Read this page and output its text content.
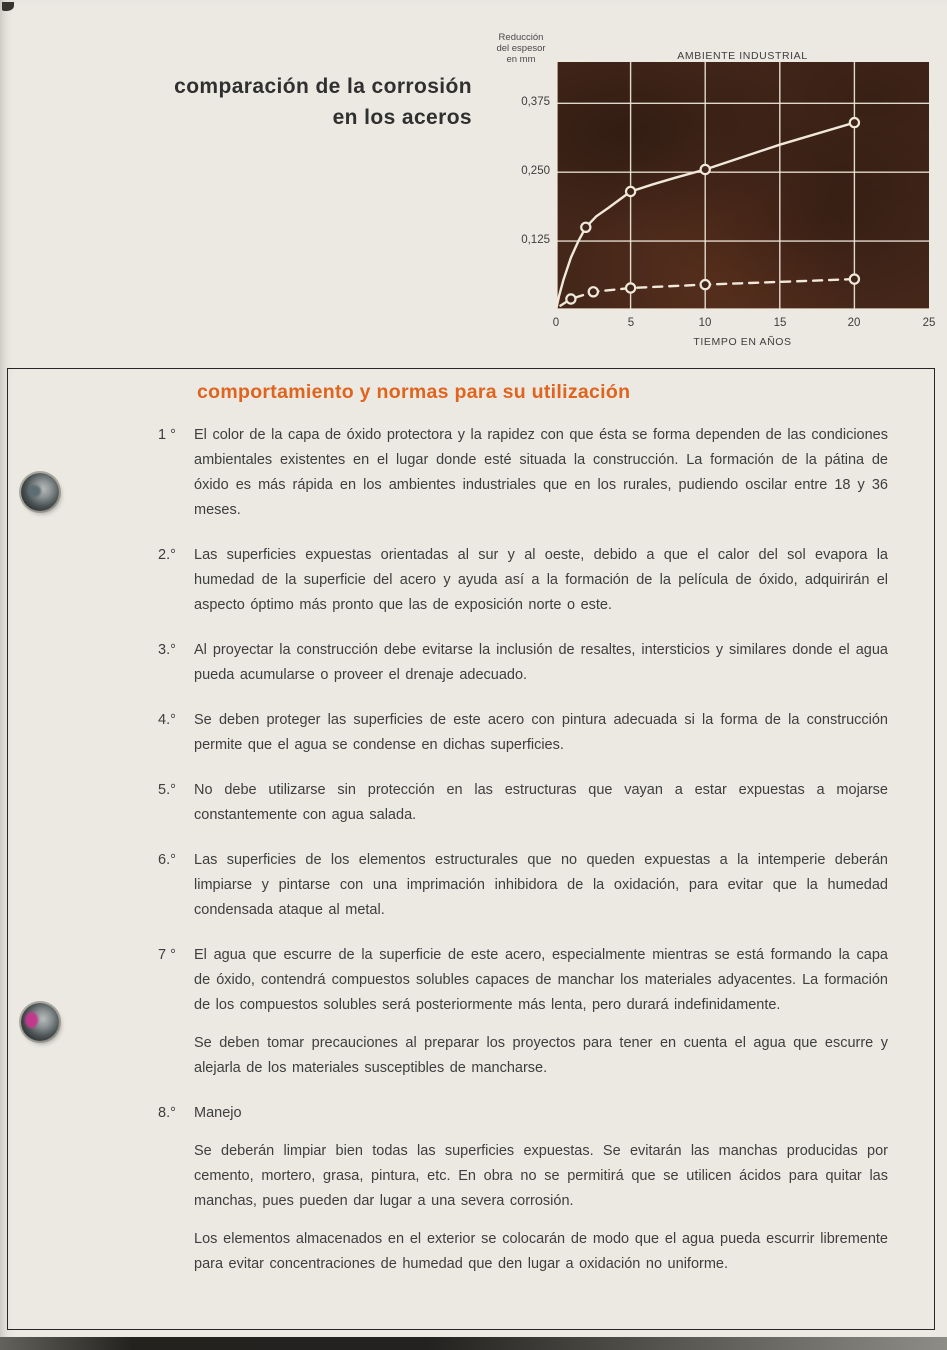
comparación de la corrosión
en los aceros
Reducción
del espesor
en mm	AMBIENTE INDUSTRIAL
0,375
0,250
0,125
0	5	10	15	20	25
TIEMPO EN AÑOS
comportamiento y normas para su utilización
1 °	El color de la capa de óxido protectora y la rapidez con que ésta se forma dependen de las condiciones ambientales existentes en el lugar donde esté situada la construcción. La formación de la pátina de óxido es más rápida en los ambientes industriales que en los rurales, pudiendo oscilar entre 18 y 36 meses.

2.°	Las superficies expuestas orientadas al sur y al oeste, debido a que el calor del sol evapora la humedad de la superficie del acero y ayuda así a la formación de la película de óxido, adquirirán el aspecto óptimo más pronto que las de exposición norte o este.

3.°	Al proyectar la construcción debe evitarse la inclusión de resaltes, intersticios y similares donde el agua pueda acumularse o proveer el drenaje adecuado.

4.°	Se deben proteger las superficies de este acero con pintura adecuada si la forma de la construcción permite que el agua se condense en dichas superficies.

5.°	No debe utilizarse sin protección en las estructuras que vayan a estar expuestas a mojarse constantemente con agua salada.

6.°	Las superficies de los elementos estructurales que no queden expuestas a la intemperie deberán limpiarse y pintarse con una imprimación inhibidora de la oxidación, para evitar que la humedad condensada ataque al metal.

7 °	El agua que escurre de la superficie de este acero, especialmente mientras se está formando la capa de óxido, contendrá compuestos solubles capaces de manchar los materiales adyacentes. La formación de los compuestos solubles será posteriormente más lenta, pero durará indefinidamente.

Se deben tomar precauciones al preparar los proyectos para tener en cuenta el agua que escurre y alejarla de los materiales susceptibles de mancharse.

8.°	Manejo

Se deberán limpiar bien todas las superficies expuestas. Se evitarán las manchas producidas por cemento, mortero, grasa, pintura, etc. En obra no se permitirá que se utilicen ácidos para quitar las manchas, pues pueden dar lugar a una severa corrosión.

Los elementos almacenados en el exterior se colocarán de modo que el agua pueda escurrir libremente para evitar concentraciones de humedad que den lugar a oxidación no uniforme.
